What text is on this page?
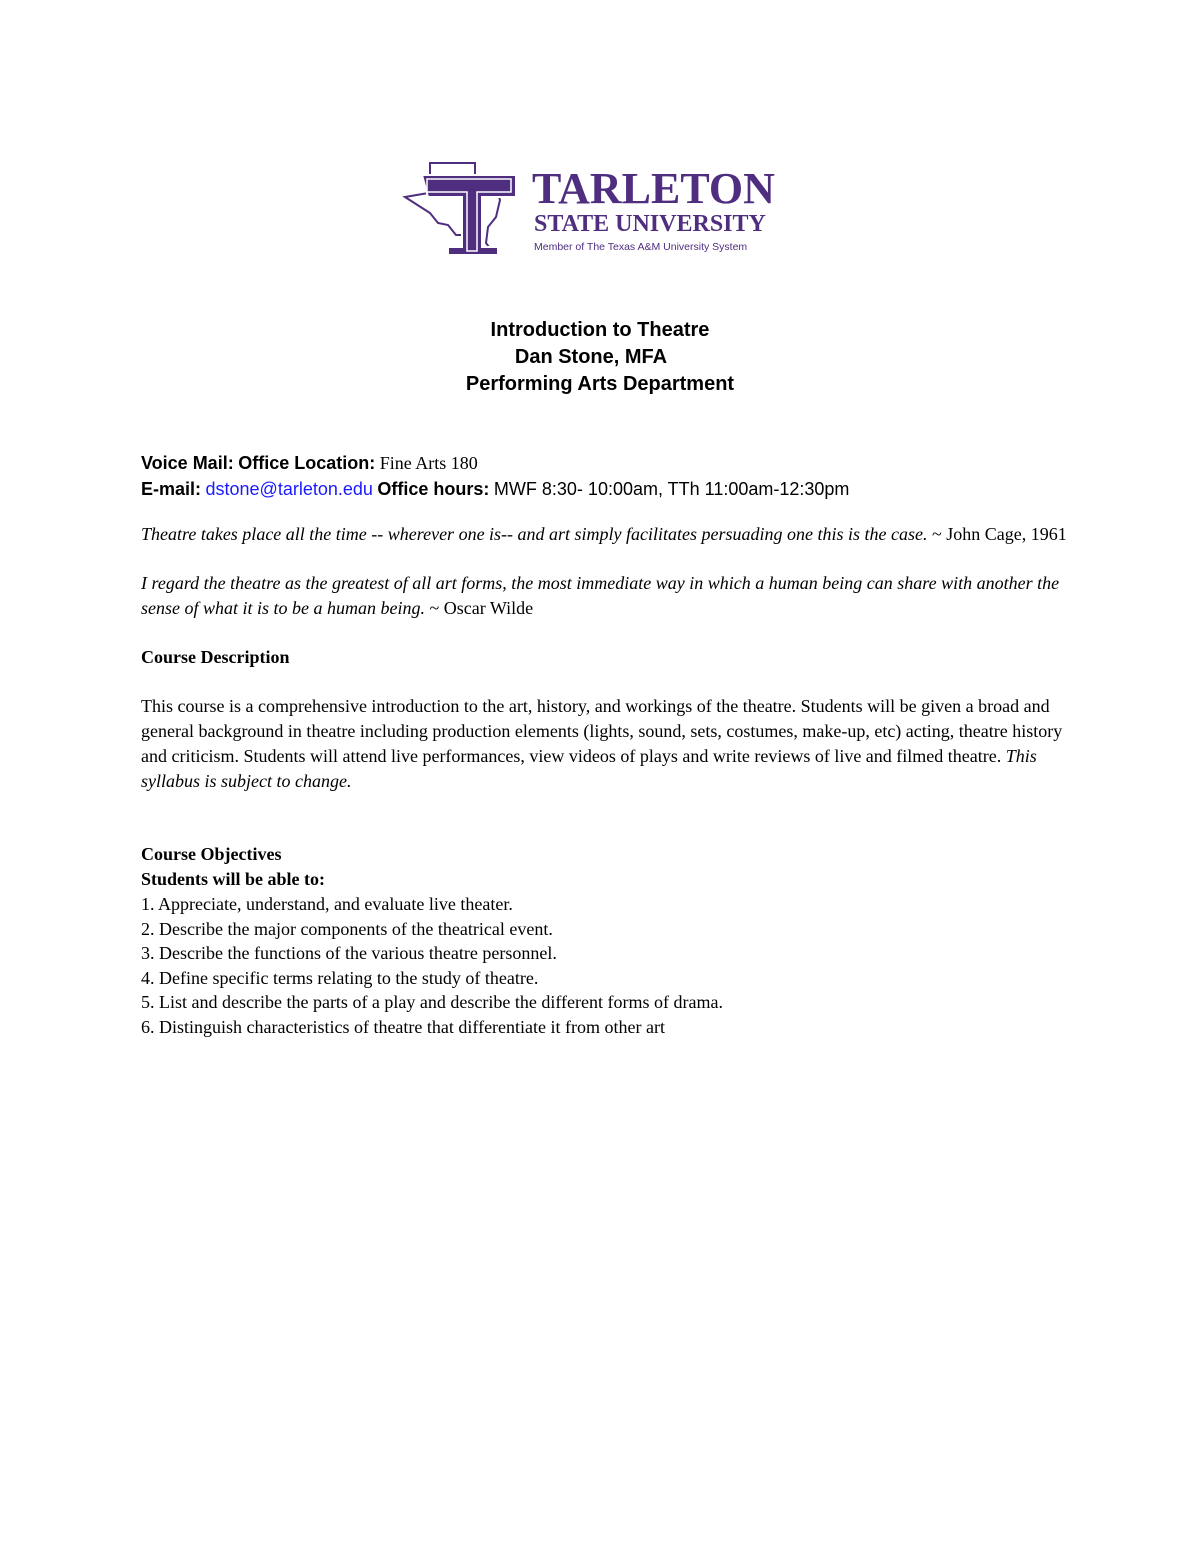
TARLETON
STATE UNIVERSITY
Member of The Texas A&M University System
Introduction to Theatre
Dan Stone, MFA
Performing Arts Department
Voice Mail: Office Location: Fine Arts 180
E-mail: dstone@tarleton.edu Office hours: MWF 8:30- 10:00am, TTh 11:00am-12:30pm

Theatre takes place all the time -- wherever one is-- and art simply facilitates persuading one this is the case. ~ John Cage, 1961

I regard the theatre as the greatest of all art forms, the most immediate way in which a human being can share with another the sense of what it is to be a human being. ~ Oscar Wilde

Course Description

This course is a comprehensive introduction to the art, history, and workings of the theatre. Students will be given a broad and general background in theatre including production elements (lights, sound, sets, costumes, make-up, etc) acting, theatre history and criticism. Students will attend live performances, view videos of plays and write reviews of live and filmed theatre. This syllabus is subject to change.

Course Objectives

Students will be able to:

1. Appreciate, understand, and evaluate live theater.
2. Describe the major components of the theatrical event.
3. Describe the functions of the various theatre personnel.
4. Define specific terms relating to the study of theatre.
5. List and describe the parts of a play and describe the different forms of drama.
6. Distinguish characteristics of theatre that differentiate it from other art
